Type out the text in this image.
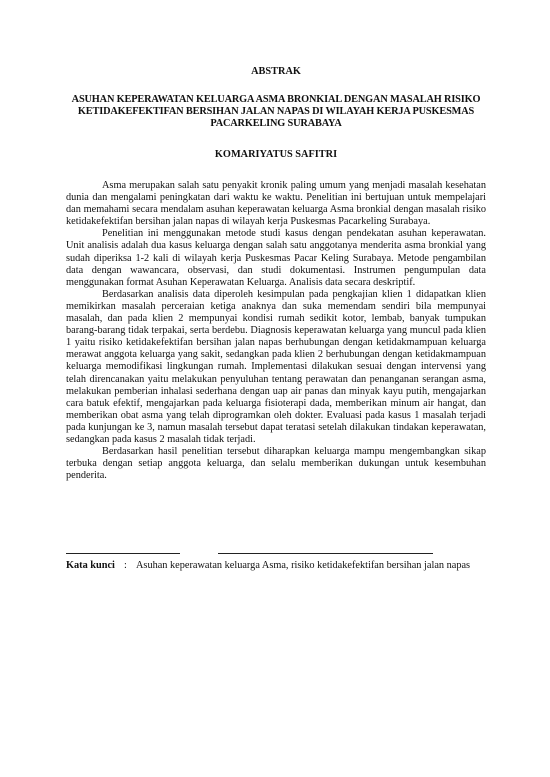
ABSTRAK

ASUHAN KEPERAWATAN KELUARGA ASMA BRONKIAL DENGAN MASALAH RISIKO KETIDAKEFEKTIFAN BERSIHAN JALAN NAPAS DI WILAYAH KERJA PUSKESMAS PACARKELING SURABAYA

KOMARIYATUS SAFITRI

Asma merupakan salah satu penyakit kronik paling umum yang menjadi masalah kesehatan dunia dan mengalami peningkatan dari waktu ke waktu. Penelitian ini bertujuan untuk mempelajari dan memahami secara mendalam asuhan keperawatan keluarga Asma bronkial dengan masalah risiko ketidakefektifan bersihan jalan napas di wilayah kerja Puskesmas Pacarkeling Surabaya.

Penelitian ini menggunakan metode studi kasus dengan pendekatan asuhan keperawatan. Unit analisis adalah dua kasus keluarga dengan salah satu anggotanya menderita asma bronkial yang sudah diperiksa 1-2 kali di wilayah kerja Puskesmas Pacar Keling Surabaya. Metode pengambilan data dengan wawancara, observasi, dan studi dokumentasi. Instrumen pengumpulan data menggunakan format Asuhan Keperawatan Keluarga. Analisis data secara deskriptif.

Berdasarkan analisis data diperoleh kesimpulan pada pengkajian klien 1 didapatkan klien memikirkan masalah perceraian ketiga anaknya dan suka memendam sendiri bila mempunyai masalah, dan pada klien 2 mempunyai kondisi rumah sedikit kotor, lembab, banyak tumpukan barang-barang tidak terpakai, serta berdebu. Diagnosis keperawatan keluarga yang muncul pada klien 1 yaitu risiko ketidakefektifan bersihan jalan napas berhubungan dengan ketidakmampuan keluarga merawat anggota keluarga yang sakit, sedangkan pada klien 2 berhubungan dengan ketidakmampuan keluarga memodifikasi lingkungan rumah. Implementasi dilakukan sesuai dengan intervensi yang telah direncanakan yaitu melakukan penyuluhan tentang perawatan dan penanganan serangan asma, melakukan pemberian inhalasi sederhana dengan uap air panas dan minyak kayu putih, mengajarkan cara batuk efektif, mengajarkan pada keluarga fisioterapi dada, memberikan minum air hangat, dan memberikan obat asma yang telah diprogramkan oleh dokter. Evaluasi pada kasus 1 masalah terjadi pada kunjungan ke 3, namun masalah tersebut dapat teratasi setelah dilakukan tindakan keperawatan, sedangkan pada kasus 2 masalah tidak terjadi.

Berdasarkan hasil penelitian tersebut diharapkan keluarga mampu mengembangkan sikap terbuka dengan setiap anggota keluarga, dan selalu memberikan dukungan untuk kesembuhan penderita.

Kata kunci : Asuhan keperawatan keluarga Asma, risiko ketidakefektifan bersihan jalan napas
